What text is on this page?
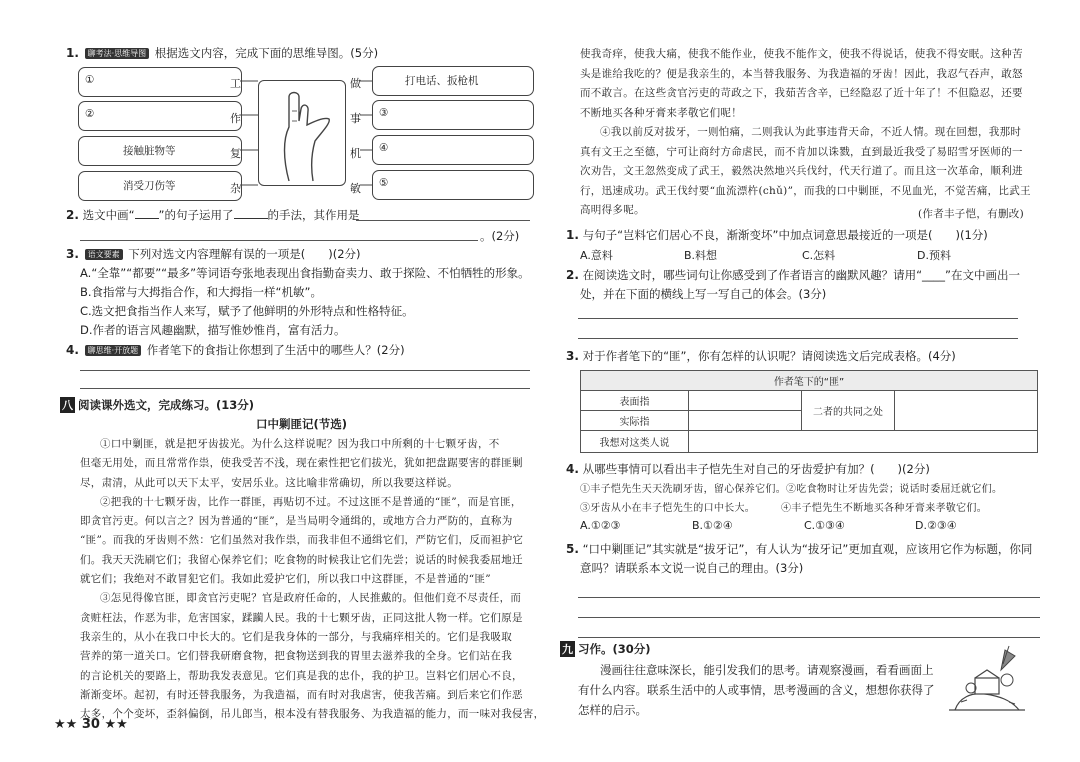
1. 聊考法·思维导图 根据选文内容，完成下面的思维导图。(5分)
①
②
接触脏物等
消受刀伤等
工
作
复
杂
做
事
机
敏
打电话、扳枪机
③
④
⑤
2. 选文中画“ ”的句子运用了	的手法，其作用是
。(2分)
3. 语文要素 下列对选文内容理解有误的一项是(　　)(2分)
A.“全靠”“都要”“最多”等词语夸张地表现出食指勤奋卖力、敢于探险、不怕牺牲的形象。
B.食指常与大拇指合作，和大拇指一样“机敏”。
C.选文把食指当作人来写，赋予了他鲜明的外形特点和性格特征。
D.作者的语言风趣幽默，描写惟妙惟肖，富有活力。
4. 聊思维·开放题 作者笔下的食指让你想到了生活中的哪些人？(2分)
八 阅读课外选文，完成练习。(13分)
口中剿匪记(节选)
①口中剿匪，就是把牙齿拔光。为什么这样说呢？因为我口中所剩的十七颗牙齿，不
但毫无用处，而且常常作祟，使我受苦不浅，现在索性把它们拔光，犹如把盘踞要害的群匪剿
尽，肃清，从此可以天下太平，安居乐业。这比喻非常确切，所以我要这样说。
②把我的十七颗牙齿，比作一群匪，再贴切不过。不过这匪不是普通的“匪”，而是官匪，
即贪官污吏。何以言之？因为普通的“匪”，是当局明令通缉的，或地方合力严防的，直称为
“匪”。而我的牙齿则不然：它们虽然对我作祟，而我非但不通缉它们，严防它们，反而袒护它
们。我天天洗刷它们；我留心保养它们；吃食物的时候我让它们先尝；说话的时候我委屈地迁
就它们；我绝对不敢冒犯它们。我如此爱护它们，所以我口中这群匪，不是普通的“匪”
③怎见得像官匪，即贪官污吏呢？官是政府任命的，人民推戴的。但他们竟不尽责任，而
贪赃枉法，作恶为非，危害国家，蹂躏人民。我的十七颗牙齿，正同这批人物一样。它们原是
我亲生的，从小在我口中长大的。它们是我身体的一部分，与我痛痒相关的。它们是我吸取
营养的第一道关口。它们替我研磨食物，把食物送到我的胃里去滋养我的全身。它们站在我
的言论机关的要路上，帮助我发表意见。它们真是我的忠仆，我的护卫。岂料它们居心不良，
渐渐变坏。起初，有时还替我服务，为我造福，而有时对我虐害，使我苦痛。到后来它们作恶
太多，个个变坏，歪斜偏倒，吊儿郎当，根本没有替我服务、为我造福的能力，而一味对我侵害，
★★ 30 ★★
使我奇痒，使我大痛，使我不能作业，使我不能作文，使我不得说话，使我不得安眠。这种苦
头是谁给我吃的？便是我亲生的，本当替我服务、为我造福的牙齿！因此，我忍气吞声，敢怒
而不敢言。在这些贪官污吏的苛政之下，我茹苦含辛，已经隐忍了近十年了！不但隐忍，还要
不断地买各种牙膏来孝敬它们呢！
④我以前反对拔牙，一则怕痛，二则我认为此事违背天命，不近人情。现在回想，我那时
真有文王之至德，宁可让商纣方命虐民，而不肯加以诛戮，直到最近我受了易昭雪牙医师的一
次劝告，文王忽然变成了武王，毅然决然地兴兵伐纣，代天行道了。而且这一次革命，顺利进
行，迅速成功。武王伐纣要“血流漂杵(chǔ)”，而我的口中剿匪，不见血光，不觉苦痛，比武王
高明得多呢。	(作者丰子恺，有删改)
1. 与句子“岂料它们居心不良，渐渐变坏”中加点词意思最接近的一项是(　　)(1分)
A.意料	B.料想	C.怎料	D.预料
2. 在阅读选文时，哪些词句让你感受到了作者语言的幽默风趣？请用“____”在文中画出一
处，并在下面的横线上写一写自己的体会。(3分)
3. 对于作者笔下的“匪”，你有怎样的认识呢？请阅读选文后完成表格。(4分)
作者笔下的“匪”			
表面指		二者的共同之处	
实际指			
我想对这类人说			
4. 从哪些事情可以看出丰子恺先生对自己的牙齿爱护有加？(　　)(2分)
①丰子恺先生天天洗刷牙齿，留心保养它们。②吃食物时让牙齿先尝；说话时委屈迁就它们。
③牙齿从小在丰子恺先生的口中长大。　　　④丰子恺先生不断地买各种牙膏来孝敬它们。
A.①②③	B.①②④	C.①③④	D.②③④
5. “口中剿匪记”其实就是“拔牙记”，有人认为“拔牙记”更加直观，应该用它作为标题，你同
意吗？请联系本文说一说自己的理由。(3分)
九 习作。(30分)
漫画往往意味深长，能引发我们的思考。请观察漫画，看看画面上
有什么内容。联系生活中的人或事情，思考漫画的含义，想想你获得了
怎样的启示。
